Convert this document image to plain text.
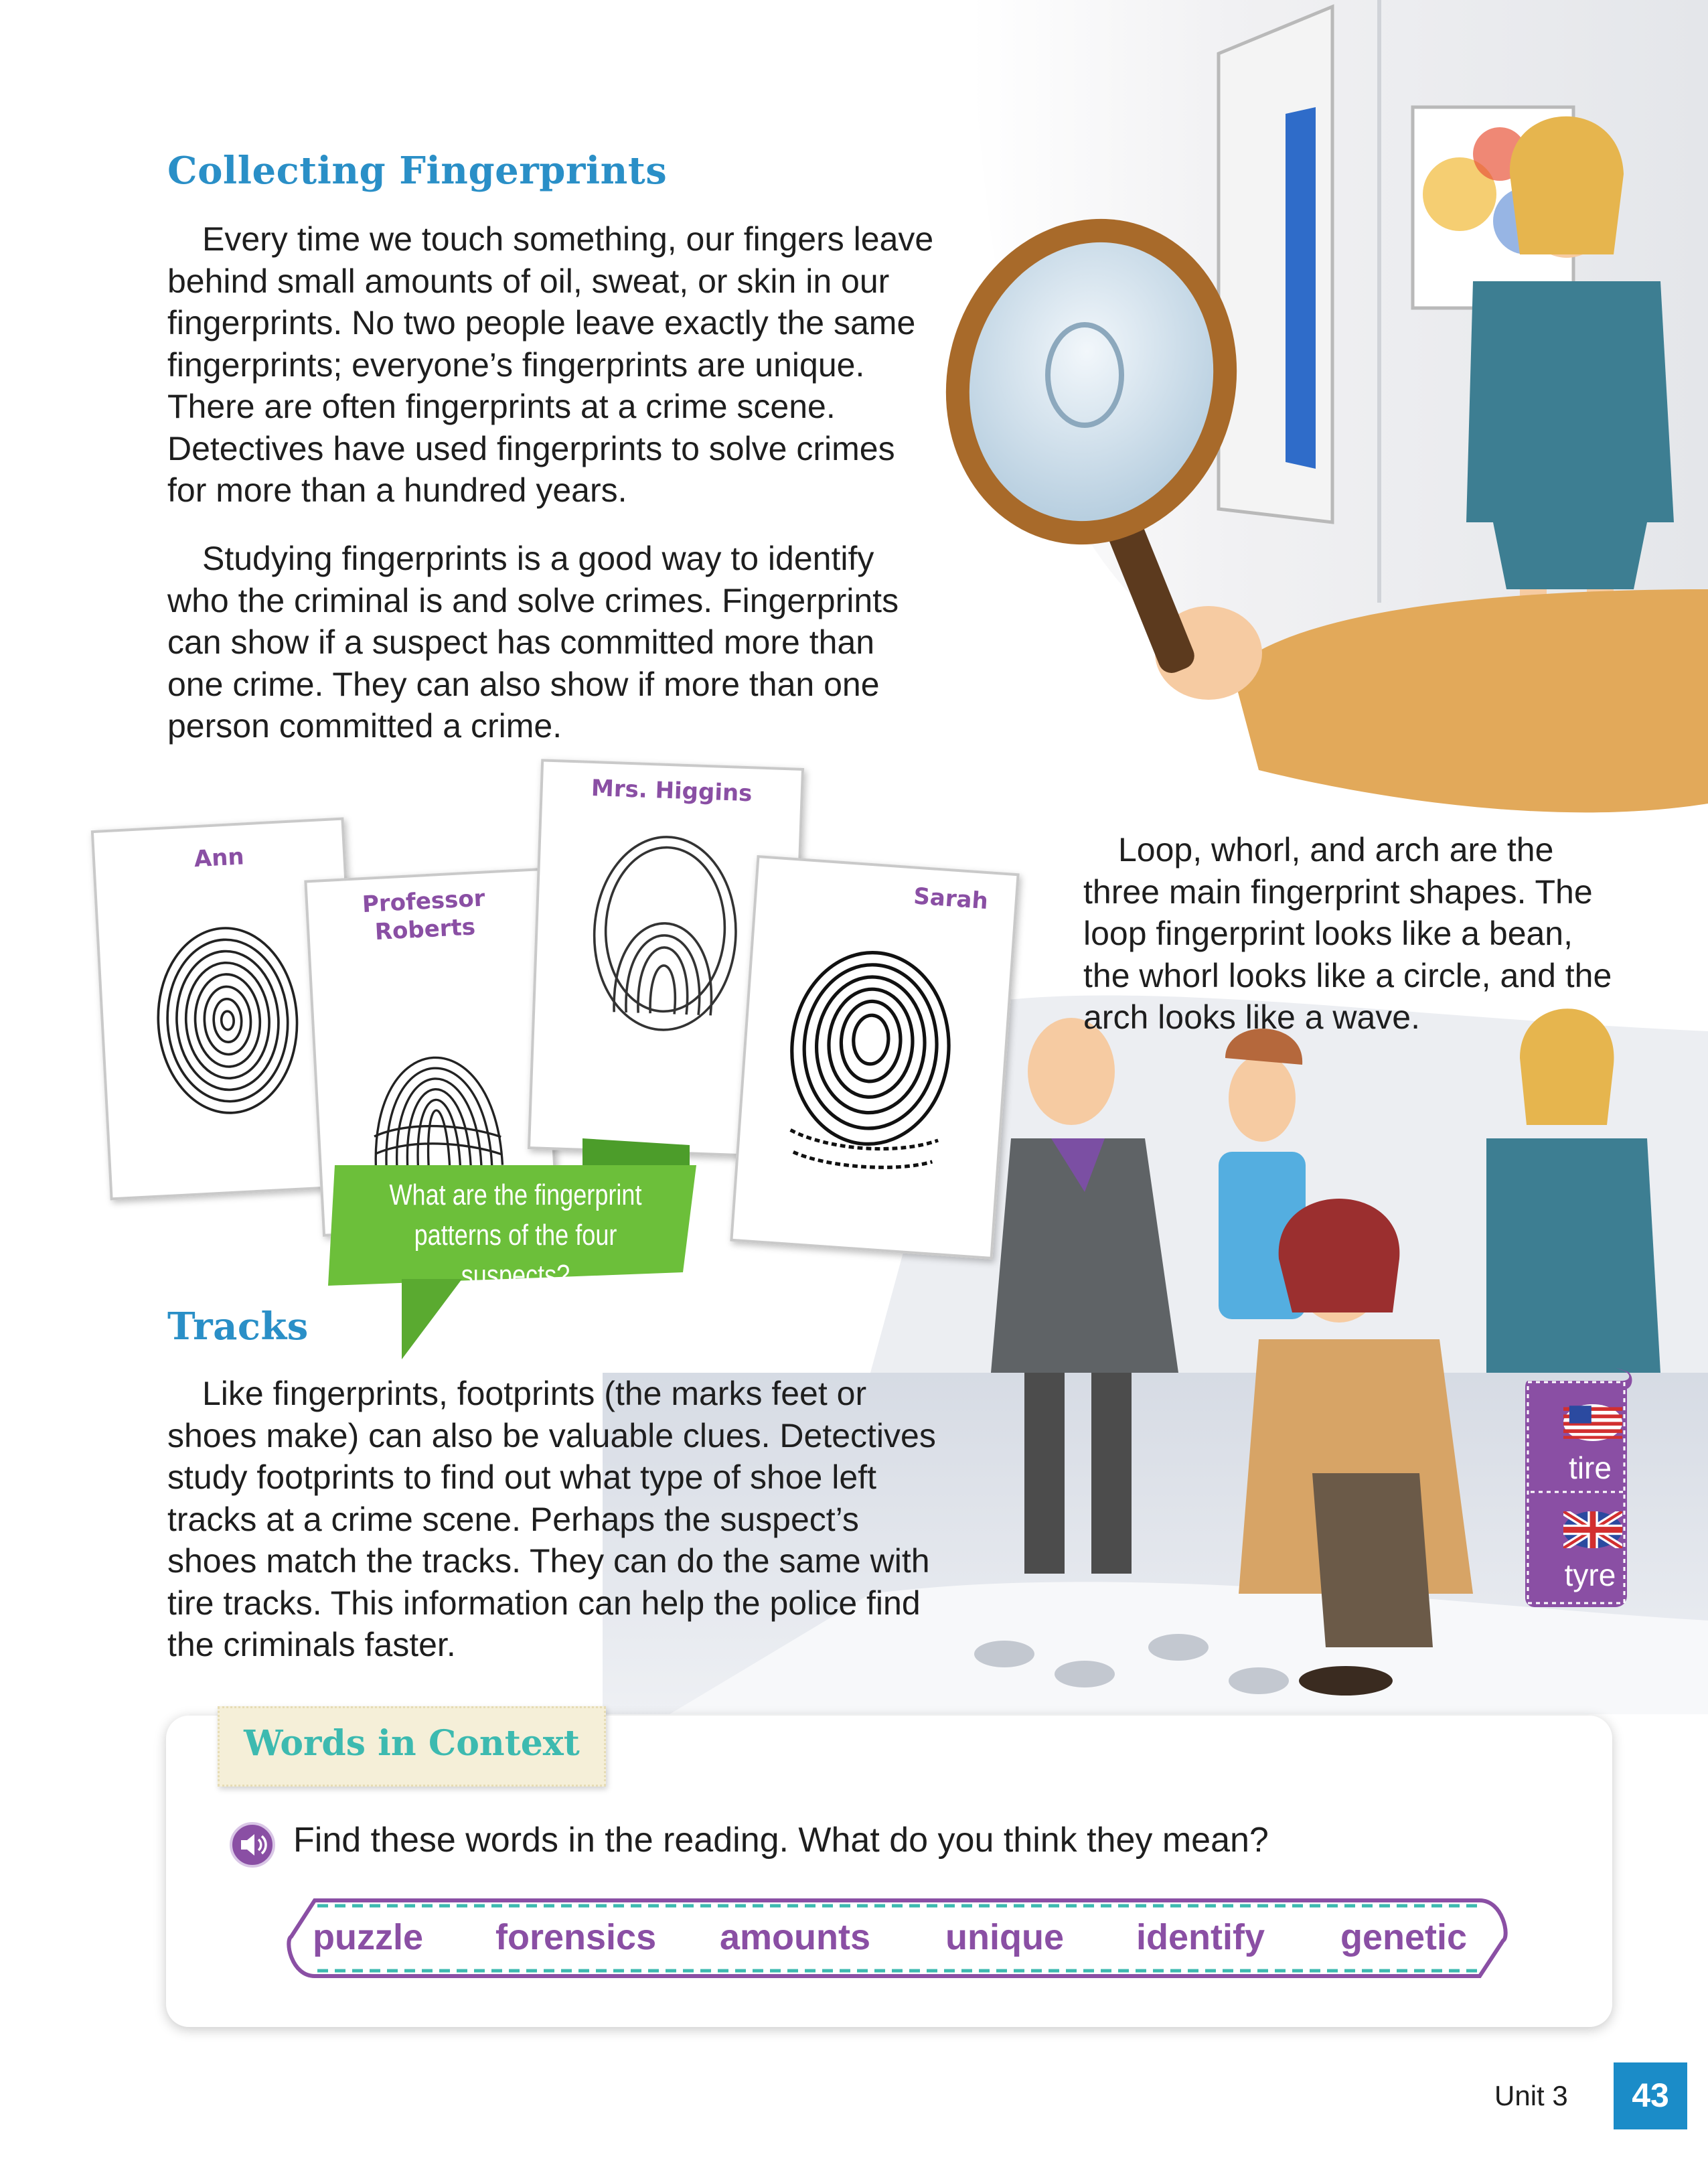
Collecting Fingerprints

Every time we touch something, our fingers leave behind small amounts of oil, sweat, or skin in our fingerprints. No two people leave exactly the same fingerprints; everyone’s fingerprints are unique. There are often fingerprints at a crime scene. Detectives have used fingerprints to solve crimes for more than a hundred years.

Studying fingerprints is a good way to identify who the criminal is and solve crimes. Fingerprints can show if a suspect has committed more than one crime. They can also show if more than one person committed a crime.

Ann
Professor Roberts
Mrs. Higgins
Sarah
What are the fingerprint patterns of the four suspects?

Loop, whorl, and arch are the three main fingerprint shapes. The loop fingerprint looks like a bean, the whorl looks like a circle, and the arch looks like a wave.

Tracks

Like fingerprints, footprints (the marks feet or shoes make) can also be valuable clues. Detectives study footprints to find out what type of shoe left tracks at a crime scene. Perhaps the suspect’s shoes match the tracks. They can do the same with tire tracks. This information can help the police find the criminals faster.

tire
tyre
Words in Context
Find these words in the reading. What do you think they mean?
puzzle forensics amounts unique identify genetic
Unit 3	43
